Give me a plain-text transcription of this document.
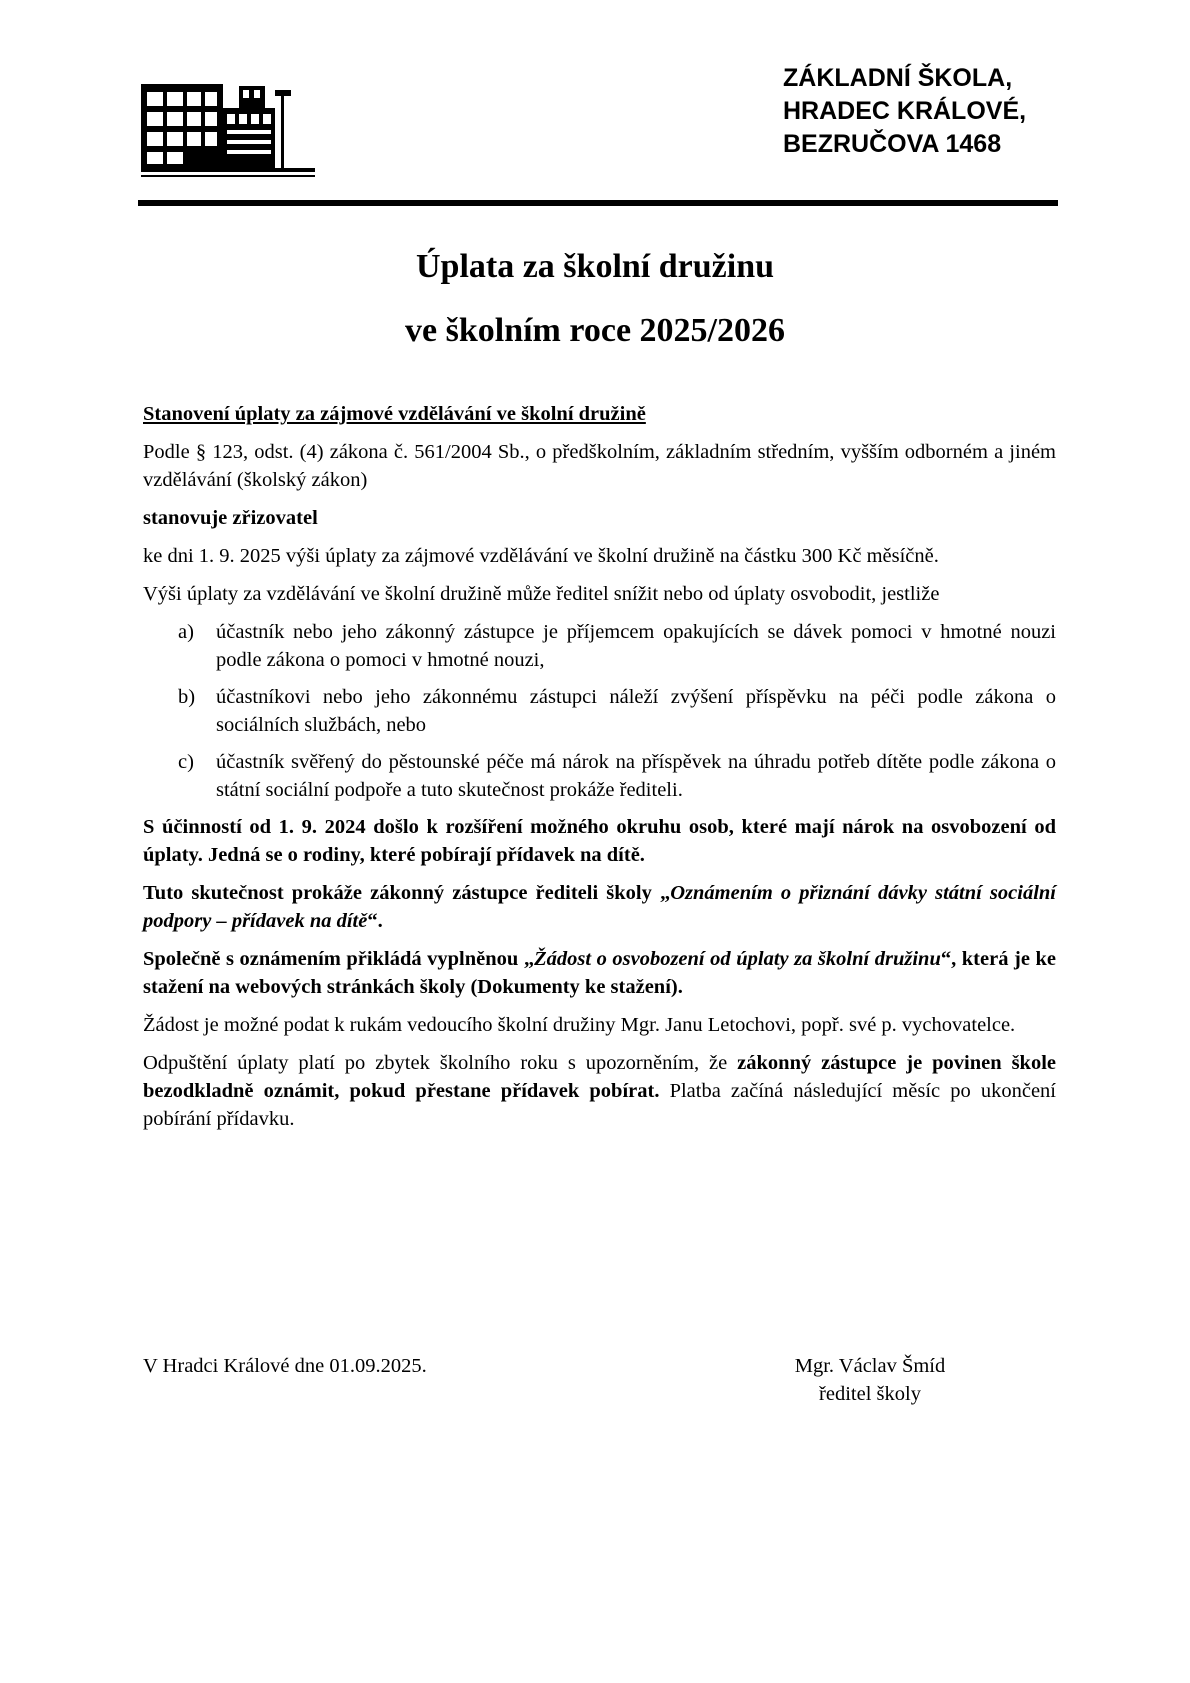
ZÁKLADNÍ ŠKOLA,
HRADEC KRÁLOVÉ,
BEZRUČOVA 1468
Úplata za školní družinu
ve školním roce 2025/2026

Stanovení úplaty za zájmové vzdělávání ve školní družině

Podle § 123, odst. (4) zákona č. 561/2004 Sb., o předškolním, základním středním, vyšším odborném a jiném vzdělávání (školský zákon)

stanovuje zřizovatel

ke dni 1. 9. 2025 výši úplaty za zájmové vzdělávání ve školní družině na částku 300 Kč měsíčně.

Výši úplaty za vzdělávání ve školní družině může ředitel snížit nebo od úplaty osvobodit, jestliže

a)	účastník nebo jeho zákonný zástupce je příjemcem opakujících se dávek pomoci v hmotné nouzi podle zákona o pomoci v hmotné nouzi,
b)	účastníkovi nebo jeho zákonnému zástupci náleží zvýšení příspěvku na péči podle zákona o sociálních službách, nebo
c)	účastník svěřený do pěstounské péče má nárok na příspěvek na úhradu potřeb dítěte podle zákona o státní sociální podpoře a tuto skutečnost prokáže řediteli.

S účinností od 1. 9. 2024 došlo k rozšíření možného okruhu osob, které mají nárok na osvobození od úplaty. Jedná se o rodiny, které pobírají přídavek na dítě.

Tuto skutečnost prokáže zákonný zástupce řediteli školy „Oznámením o přiznání dávky státní sociální podpory – přídavek na dítě“.

Společně s oznámením přikládá vyplněnou „Žádost o osvobození od úplaty za školní družinu“, která je ke stažení na webových stránkách školy (Dokumenty ke stažení).

Žádost je možné podat k rukám vedoucího školní družiny Mgr. Janu Letochovi, popř. své p. vychovatelce.

Odpuštění úplaty platí po zbytek školního roku s upozorněním, že zákonný zástupce je povinen škole bezodkladně oznámit, pokud přestane přídavek pobírat. Platba začíná následující měsíc po ukončení pobírání přídavku.

V Hradci Králové dne 01.09.2025.	Mgr. Václav Šmíd
ředitel školy
